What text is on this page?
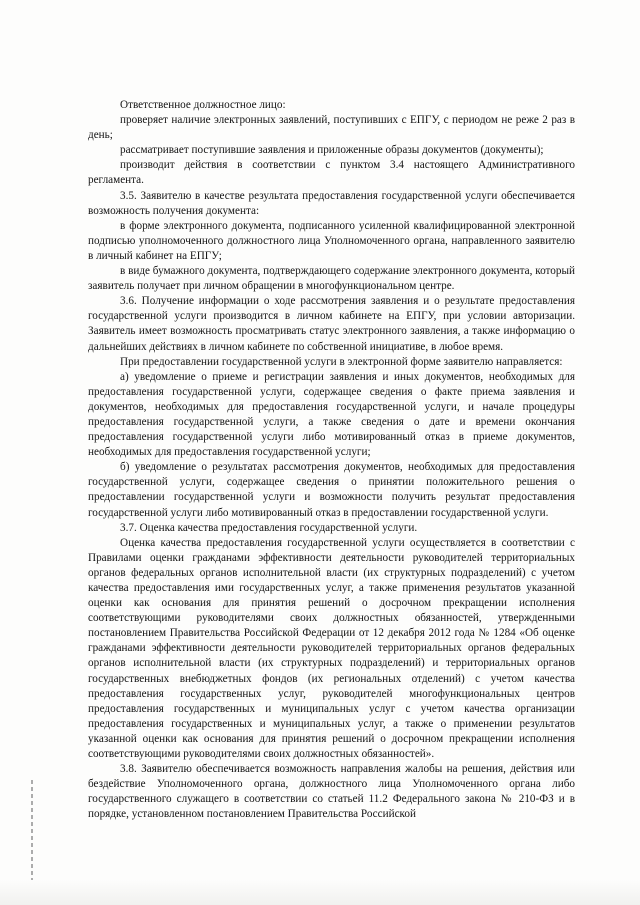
Ответственное должностное лицо:

проверяет наличие электронных заявлений, поступивших с ЕПГУ, с периодом не реже 2 раз в день;

рассматривает поступившие заявления и приложенные образы документов (документы);

производит действия в соответствии с пунктом 3.4 настоящего Административного регламента.

3.5. Заявителю в качестве результата предоставления государственной услуги обеспечивается возможность получения документа:

в форме электронного документа, подписанного усиленной квалифицированной электронной подписью уполномоченного должностного лица Уполномоченного органа, направленного заявителю в личный кабинет на ЕПГУ;

в виде бумажного документа, подтверждающего содержание электронного документа, который заявитель получает при личном обращении в многофункциональном центре.

3.6. Получение информации о ходе рассмотрения заявления и о результате предоставления государственной услуги производится в личном кабинете на ЕПГУ, при условии авторизации. Заявитель имеет возможность просматривать статус электронного заявления, а также информацию о дальнейших действиях в личном кабинете по собственной инициативе, в любое время.

При предоставлении государственной услуги в электронной форме заявителю направляется:

а) уведомление о приеме и регистрации заявления и иных документов, необходимых для предоставления государственной услуги, содержащее сведения о факте приема заявления и документов, необходимых для предоставления государственной услуги, и начале процедуры предоставления государственной услуги, а также сведения о дате и времени окончания предоставления государственной услуги либо мотивированный отказ в приеме документов, необходимых для предоставления государственной услуги;

б) уведомление о результатах рассмотрения документов, необходимых для предоставления государственной услуги, содержащее сведения о принятии положительного решения о предоставлении государственной услуги и возможности получить результат предоставления государственной услуги либо мотивированный отказ в предоставлении государственной услуги.

3.7. Оценка качества предоставления государственной услуги.

Оценка качества предоставления государственной услуги осуществляется в соответствии с Правилами оценки гражданами эффективности деятельности руководителей территориальных органов федеральных органов исполнительной власти (их структурных подразделений) с учетом качества предоставления ими государственных услуг, а также применения результатов указанной оценки как основания для принятия решений о досрочном прекращении исполнения соответствующими руководителями своих должностных обязанностей, утвержденными постановлением Правительства Российской Федерации от 12 декабря 2012 года № 1284 «Об оценке гражданами эффективности деятельности руководителей территориальных органов федеральных органов исполнительной власти (их структурных подразделений) и территориальных органов государственных внебюджетных фондов (их региональных отделений) с учетом качества предоставления государственных услуг, руководителей многофункциональных центров предоставления государственных и муниципальных услуг с учетом качества организации предоставления государственных и муниципальных услуг, а также о применении результатов указанной оценки как основания для принятия решений о досрочном прекращении исполнения соответствующими руководителями своих должностных обязанностей».

3.8. Заявителю обеспечивается возможность направления жалобы на решения, действия или бездействие Уполномоченного органа, должностного лица Уполномоченного органа либо государственного служащего в соответствии со статьей 11.2 Федерального закона № 210-ФЗ и в порядке, установленном постановлением Правительства Российской
